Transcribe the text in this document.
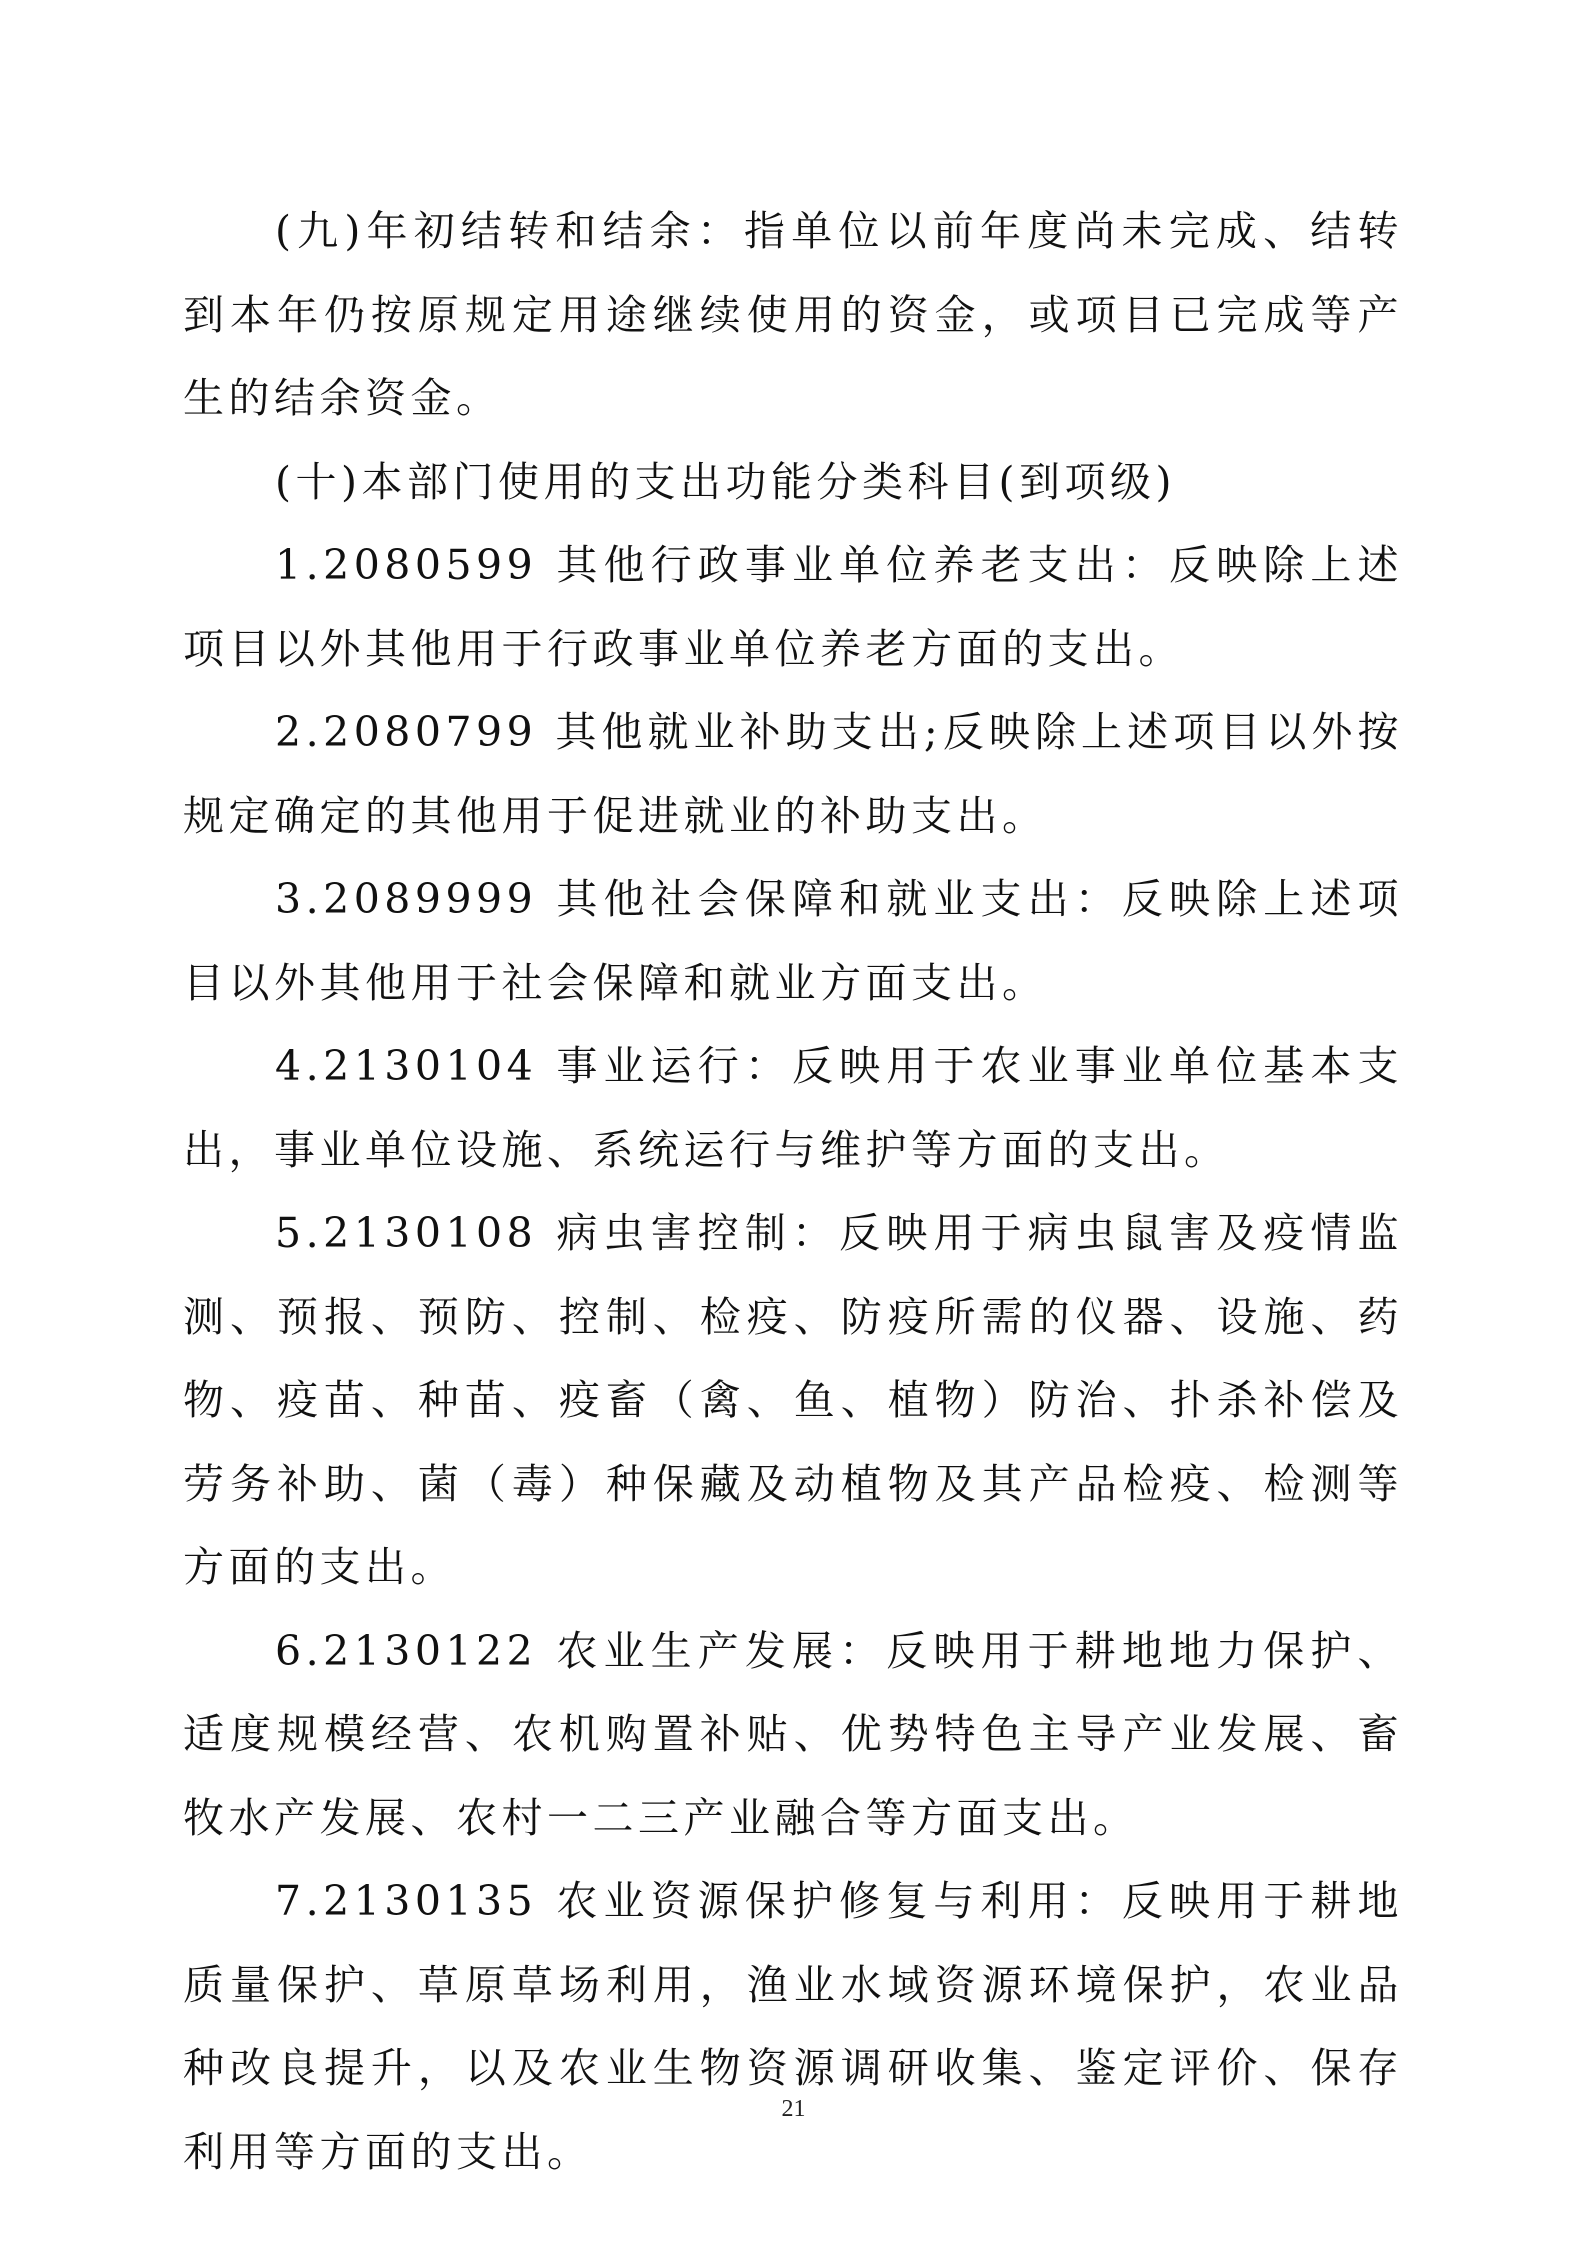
(九)年初结转和结余：指单位以前年度尚未完成、结转到本年仍按原规定用途继续使用的资金，或项目已完成等产生的结余资金。

(十)本部门使用的支出功能分类科目(到项级)

1.2080599 其他行政事业单位养老支出：反映除上述项目以外其他用于行政事业单位养老方面的支出。

2.2080799 其他就业补助支出;反映除上述项目以外按规定确定的其他用于促进就业的补助支出。

3.2089999 其他社会保障和就业支出：反映除上述项目以外其他用于社会保障和就业方面支出。

4.2130104 事业运行：反映用于农业事业单位基本支出，事业单位设施、系统运行与维护等方面的支出。

5.2130108 病虫害控制：反映用于病虫鼠害及疫情监测、预报、预防、控制、检疫、防疫所需的仪器、设施、药物、疫苗、种苗、疫畜（禽、鱼、植物）防治、扑杀补偿及劳务补助、菌（毒）种保藏及动植物及其产品检疫、检测等方面的支出。

6.2130122 农业生产发展：反映用于耕地地力保护、适度规模经营、农机购置补贴、优势特色主导产业发展、畜牧水产发展、农村一二三产业融合等方面支出。

7.2130135 农业资源保护修复与利用：反映用于耕地质量保护、草原草场利用，渔业水域资源环境保护，农业品种改良提升，以及农业生物资源调研收集、鉴定评价、保存利用等方面的支出。

21
